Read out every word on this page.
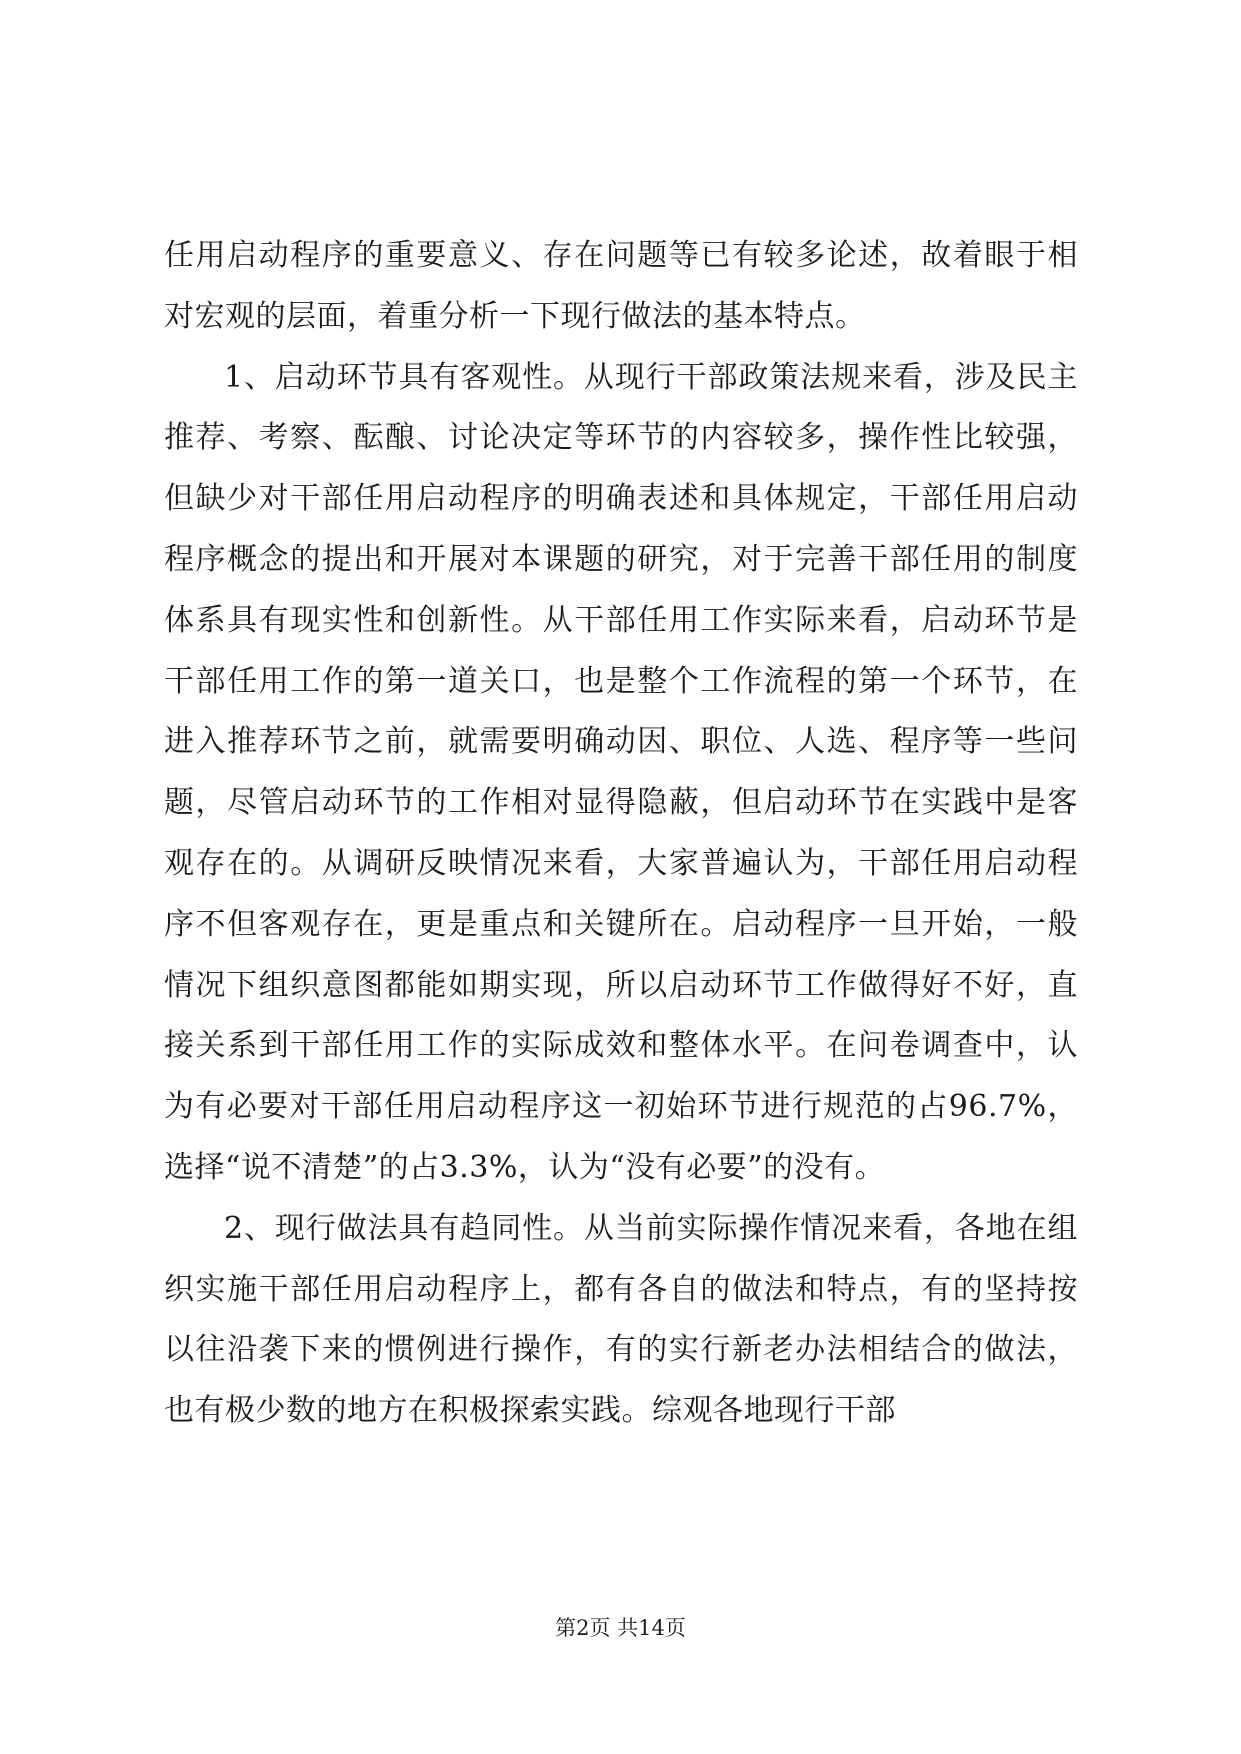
任用启动程序的重要意义、存在问题等已有较多论述，故着眼于相对宏观的层面，着重分析一下现行做法的基本特点。

1、启动环节具有客观性。从现行干部政策法规来看，涉及民主推荐、考察、酝酿、讨论决定等环节的内容较多，操作性比较强，但缺少对干部任用启动程序的明确表述和具体规定，干部任用启动程序概念的提出和开展对本课题的研究，对于完善干部任用的制度体系具有现实性和创新性。从干部任用工作实际来看，启动环节是干部任用工作的第一道关口，也是整个工作流程的第一个环节，在进入推荐环节之前，就需要明确动因、职位、人选、程序等一些问题，尽管启动环节的工作相对显得隐蔽，但启动环节在实践中是客观存在的。从调研反映情况来看，大家普遍认为，干部任用启动程序不但客观存在，更是重点和关键所在。启动程序一旦开始，一般情况下组织意图都能如期实现，所以启动环节工作做得好不好，直接关系到干部任用工作的实际成效和整体水平。在问卷调查中，认为有必要对干部任用启动程序这一初始环节进行规范的占96.7%，选择“说不清楚”的占3.3%，认为“没有必要”的没有。

2、现行做法具有趋同性。从当前实际操作情况来看，各地在组织实施干部任用启动程序上，都有各自的做法和特点，有的坚持按以往沿袭下来的惯例进行操作，有的实行新老办法相结合的做法，也有极少数的地方在积极探索实践。综观各地现行干部

第2页 共14页
